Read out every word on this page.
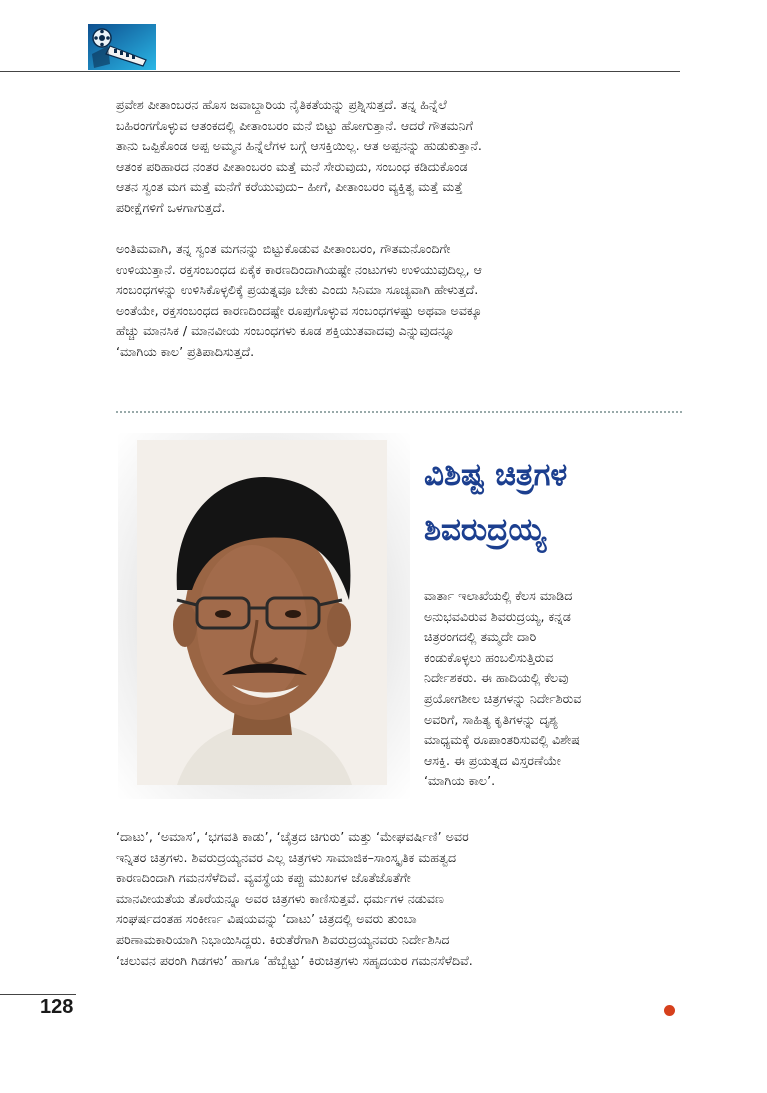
ಪ್ರವೇಶ ಪೀತಾಂಬರನ ಹೊಸ ಜವಾಬ್ದಾರಿಯ ನೈತಿಕತೆಯನ್ನು ಪ್ರಶ್ನಿಸುತ್ತದೆ. ತನ್ನ ಹಿನ್ನೆಲೆ
ಬಹಿರಂಗಗೊಳ್ಳುವ ಆತಂಕದಲ್ಲಿ ಪೀತಾಂಬರಂ ಮನೆ ಬಿಟ್ಟು ಹೋಗುತ್ತಾನೆ. ಆದರೆ ಗೌತಮನಿಗೆ
ತಾನು ಒಪ್ಪಿಕೊಂಡ ಅಪ್ಪ ಅಮ್ಮನ ಹಿನ್ನೆಲೆಗಳ ಬಗ್ಗೆ ಆಸಕ್ತಿಯಿಲ್ಲ. ಆತ ಅಪ್ಪನನ್ನು ಹುಡುಕುತ್ತಾನೆ.
ಆತಂಕ ಪರಿಹಾರದ ನಂತರ ಪೀತಾಂಬರಂ ಮತ್ತೆ ಮನೆ ಸೇರುವುದು, ಸಂಬಂಧ ಕಡಿದುಕೊಂಡ
ಆತನ ಸ್ವಂತ ಮಗ ಮತ್ತೆ ಮನೆಗೆ ಕರೆಯುವುದು– ಹೀಗೆ, ಪೀತಾಂಬರಂ ವ್ಯಕ್ತಿತ್ವ ಮತ್ತೆ ಮತ್ತೆ
ಪರೀಕ್ಷೆಗಳಿಗೆ ಒಳಗಾಗುತ್ತದೆ.

ಅಂತಿಮವಾಗಿ, ತನ್ನ ಸ್ವಂತ ಮಗನನ್ನು ಬಿಟ್ಟುಕೊಡುವ ಪೀತಾಂಬರಂ, ಗೌತಮನೊಂದಿಗೇ
ಉಳಿಯುತ್ತಾನೆ. ರಕ್ತಸಂಬಂಧದ ಏಕೈಕ ಕಾರಣದಿಂದಾಗಿಯಷ್ಟೇ ನಂಟುಗಳು ಉಳಿಯುವುದಿಲ್ಲ, ಆ
ಸಂಬಂಧಗಳನ್ನು ಉಳಿಸಿಕೊಳ್ಳಲಿಕ್ಕೆ ಪ್ರಯತ್ನವೂ ಬೇಕು ಎಂದು ಸಿನಿಮಾ ಸೂಚ್ಯವಾಗಿ ಹೇಳುತ್ತದೆ.
ಅಂತೆಯೇ, ರಕ್ತಸಂಬಂಧದ ಕಾರಣದಿಂದಷ್ಟೇ ರೂಪುಗೊಳ್ಳುವ ಸಂಬಂಧಗಳಷ್ಟು ಅಥವಾ ಅವಕ್ಕೂ
ಹೆಚ್ಚು ಮಾನಸಿಕ / ಮಾನವೀಯ ಸಂಬಂಧಗಳು ಕೂಡ ಶಕ್ತಿಯುತವಾದವು ಎನ್ನುವುದನ್ನೂ
‘ಮಾಗಿಯ ಕಾಲ’ ಪ್ರತಿಪಾದಿಸುತ್ತದೆ.

ವಿಶಿಷ್ಟ ಚಿತ್ರಗಳ ಶಿವರುದ್ರಯ್ಯ

ವಾರ್ತಾ ಇಲಾಖೆಯಲ್ಲಿ ಕೆಲಸ ಮಾಡಿದ
ಅನುಭವವಿರುವ ಶಿವರುದ್ರಯ್ಯ, ಕನ್ನಡ
ಚಿತ್ರರಂಗದಲ್ಲಿ ತಮ್ಮದೇ ದಾರಿ
ಕಂಡುಕೊಳ್ಳಲು ಹಂಬಲಿಸುತ್ತಿರುವ
ನಿರ್ದೇಶಕರು. ಈ ಹಾದಿಯಲ್ಲಿ ಕೆಲವು
ಪ್ರಯೋಗಶೀಲ ಚಿತ್ರಗಳನ್ನು ನಿರ್ದೇಶಿರುವ
ಅವರಿಗೆ, ಸಾಹಿತ್ಯ ಕೃತಿಗಳನ್ನು ದೃಶ್ಯ
ಮಾಧ್ಯಮಕ್ಕೆ ರೂಪಾಂತರಿಸುವಲ್ಲಿ ವಿಶೇಷ
ಆಸಕ್ತಿ. ಈ ಪ್ರಯತ್ನದ ವಿಸ್ತರಣೆಯೇ
‘ಮಾಗಿಯ ಕಾಲ’.

‘ದಾಟು’, ‘ಅಮಾಸ’, ‘ಭಗವತಿ ಕಾಡು’, ‘ಚೈತ್ರದ ಚಿಗುರು’ ಮತ್ತು ‘ಮೇಘವರ್ಷಿಣಿ’ ಅವರ
ಇನ್ನಿತರ ಚಿತ್ರಗಳು. ಶಿವರುದ್ರಯ್ಯನವರ ಎಲ್ಲ ಚಿತ್ರಗಳು ಸಾಮಾಜಿಕ–ಸಾಂಸ್ಕೃತಿಕ ಮಹತ್ವದ
ಕಾರಣದಿಂದಾಗಿ ಗಮನಸೆಳೆದಿವೆ. ವ್ಯವಸ್ಥೆಯ ಕಪ್ಪು ಮುಖಗಳ ಜೊತೆಜೊತೆಗೇ
ಮಾನವೀಯತೆಯ ತೊರೆಯನ್ನೂ ಅವರ ಚಿತ್ರಗಳು ಕಾಣಿಸುತ್ತವೆ. ಧರ್ಮಗಳ ನಡುವಣ
ಸಂಘರ್ಷದಂತಹ ಸಂಕೀರ್ಣ ವಿಷಯವನ್ನು ‘ದಾಟು’ ಚಿತ್ರದಲ್ಲಿ ಅವರು ತುಂಬಾ
ಪರಿಣಾಮಕಾರಿಯಾಗಿ ನಿಭಾಯಿಸಿದ್ದರು. ಕಿರುತೆರೆಗಾಗಿ ಶಿವರುದ್ರಯ್ಯನವರು ನಿರ್ದೇಶಿಸಿದ
‘ಚಲುವನ ಪರಂಗಿ ಗಿಡಗಳು’ ಹಾಗೂ ‘ಹೆಬ್ಬೆಟ್ಟು’ ಕಿರುಚಿತ್ರಗಳು ಸಹೃದಯರ ಗಮನಸೆಳೆದಿವೆ.

128
